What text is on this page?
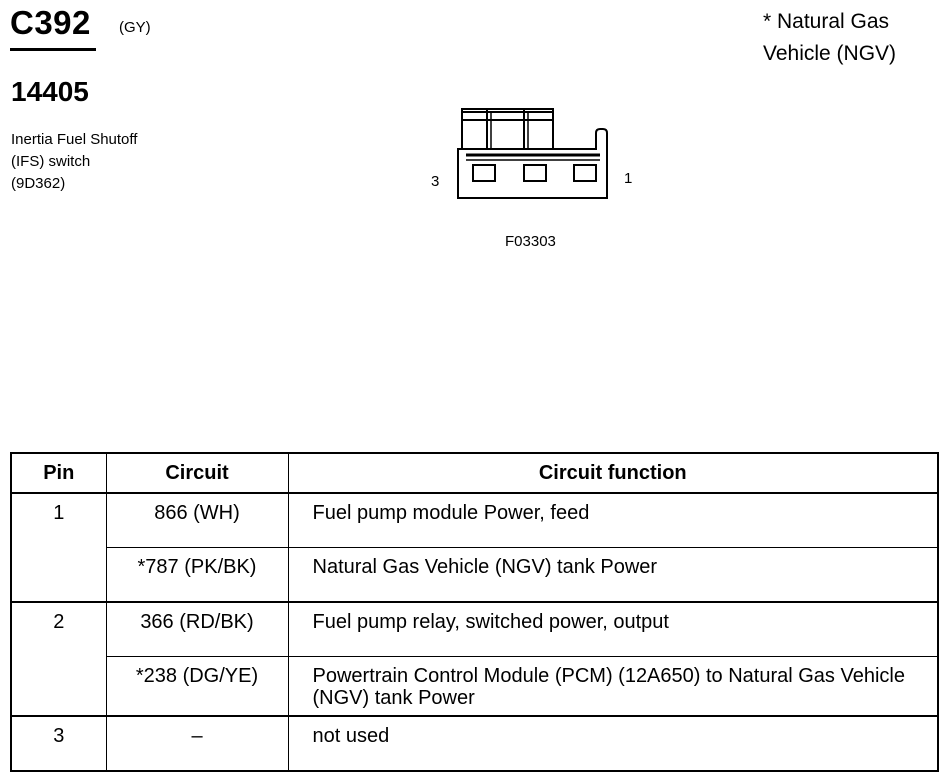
C392 (GY)	* Natural Gas
Vehicle (NGV)
14405
Inertia Fuel Shutoff
(IFS) switch
(9D362)	3	1
F03303
Pin	Circuit	Circuit function
1	866 (WH)	Fuel pump module Power, feed
	*787 (PK/BK)	Natural Gas Vehicle (NGV) tank Power
2	366 (RD/BK)	Fuel pump relay, switched power, output
	*238 (DG/YE)	Powertrain Control Module (PCM) (12A650) to Natural Gas Vehicle (NGV) tank Power
3	–	not used
